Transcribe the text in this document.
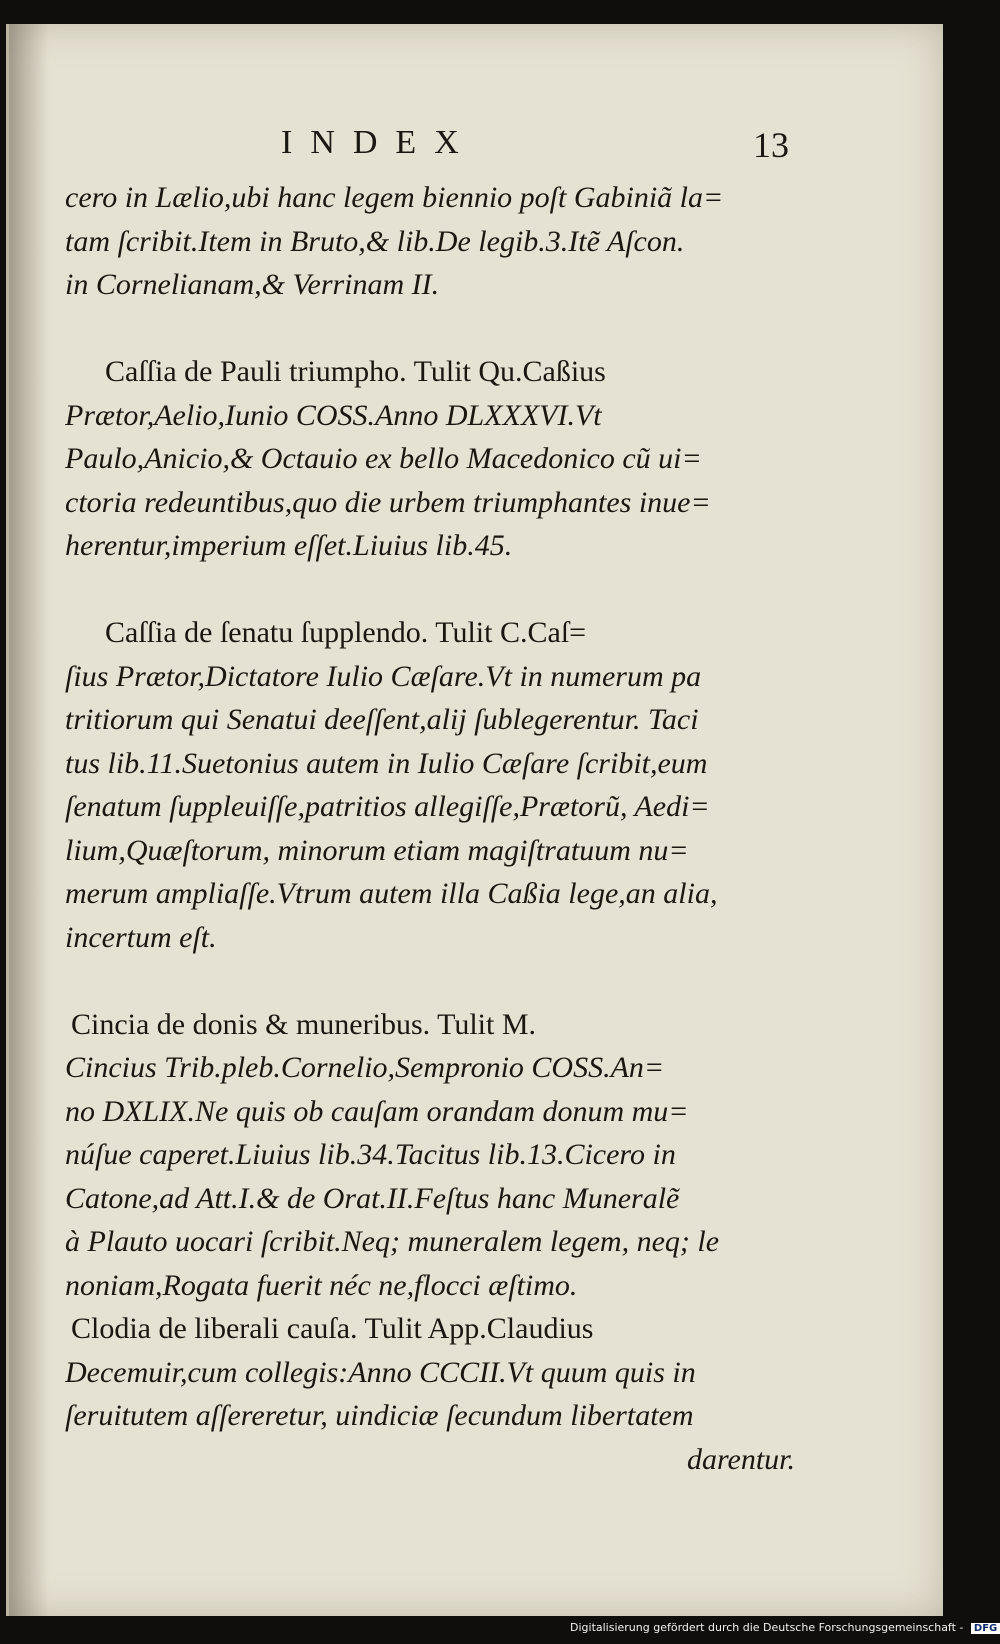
INDEX	13
cero in Lælio,ubi hanc legem biennio poſt Gabiniã la=
tam ſcribit.Item in Bruto,& lib.De legib.3.Itẽ Aſcon.
in Cornelianam,& Verrinam II.
Caſſia de Pauli triumpho. Tulit Qu.Caßius
Prætor,Aelio,Iunio COSS.Anno DLXXXVI.Vt
Paulo,Anicio,& Octauio ex bello Macedonico cũ ui=
ctoria redeuntibus,quo die urbem triumphantes inue=
herentur,imperium eſſet.Liuius lib.45.
Caſſia de ſenatu ſupplendo. Tulit C.Caſ=
ſius Prætor,Dictatore Iulio Cæſare.Vt in numerum pa
tritiorum qui Senatui deeſſent,alij ſublegerentur. Taci
tus lib.11.Suetonius autem in Iulio Cæſare ſcribit,eum
ſenatum ſuppleuiſſe,patritios allegiſſe,Prætorũ, Aedi=
lium,Quæſtorum, minorum etiam magiſtratuum nu=
merum ampliaſſe.Vtrum autem illa Caßia lege,an alia,
incertum eſt.
Cincia de donis & muneribus. Tulit M.
Cincius Trib.pleb.Cornelio,Sempronio COSS.An=
no DXLIX.Ne quis ob cauſam orandam donum mu=
núſue caperet.Liuius lib.34.Tacitus lib.13.Cicero in
Catone,ad Att.I.& de Orat.II.Feſtus hanc Muneralẽ
à Plauto uocari ſcribit.Neq; muneralem legem, neq; le
noniam,Rogata fuerit néc ne,flocci æſtimo.
Clodia de liberali cauſa. Tulit App.Claudius
Decemuir,cum collegis:Anno CCCII.Vt quum quis in
ſeruitutem aſſereretur, uindiciæ ſecundum libertatem
darentur.
Digitalisierung gefördert durch die Deutsche Forschungsgemeinschaft - DFG
